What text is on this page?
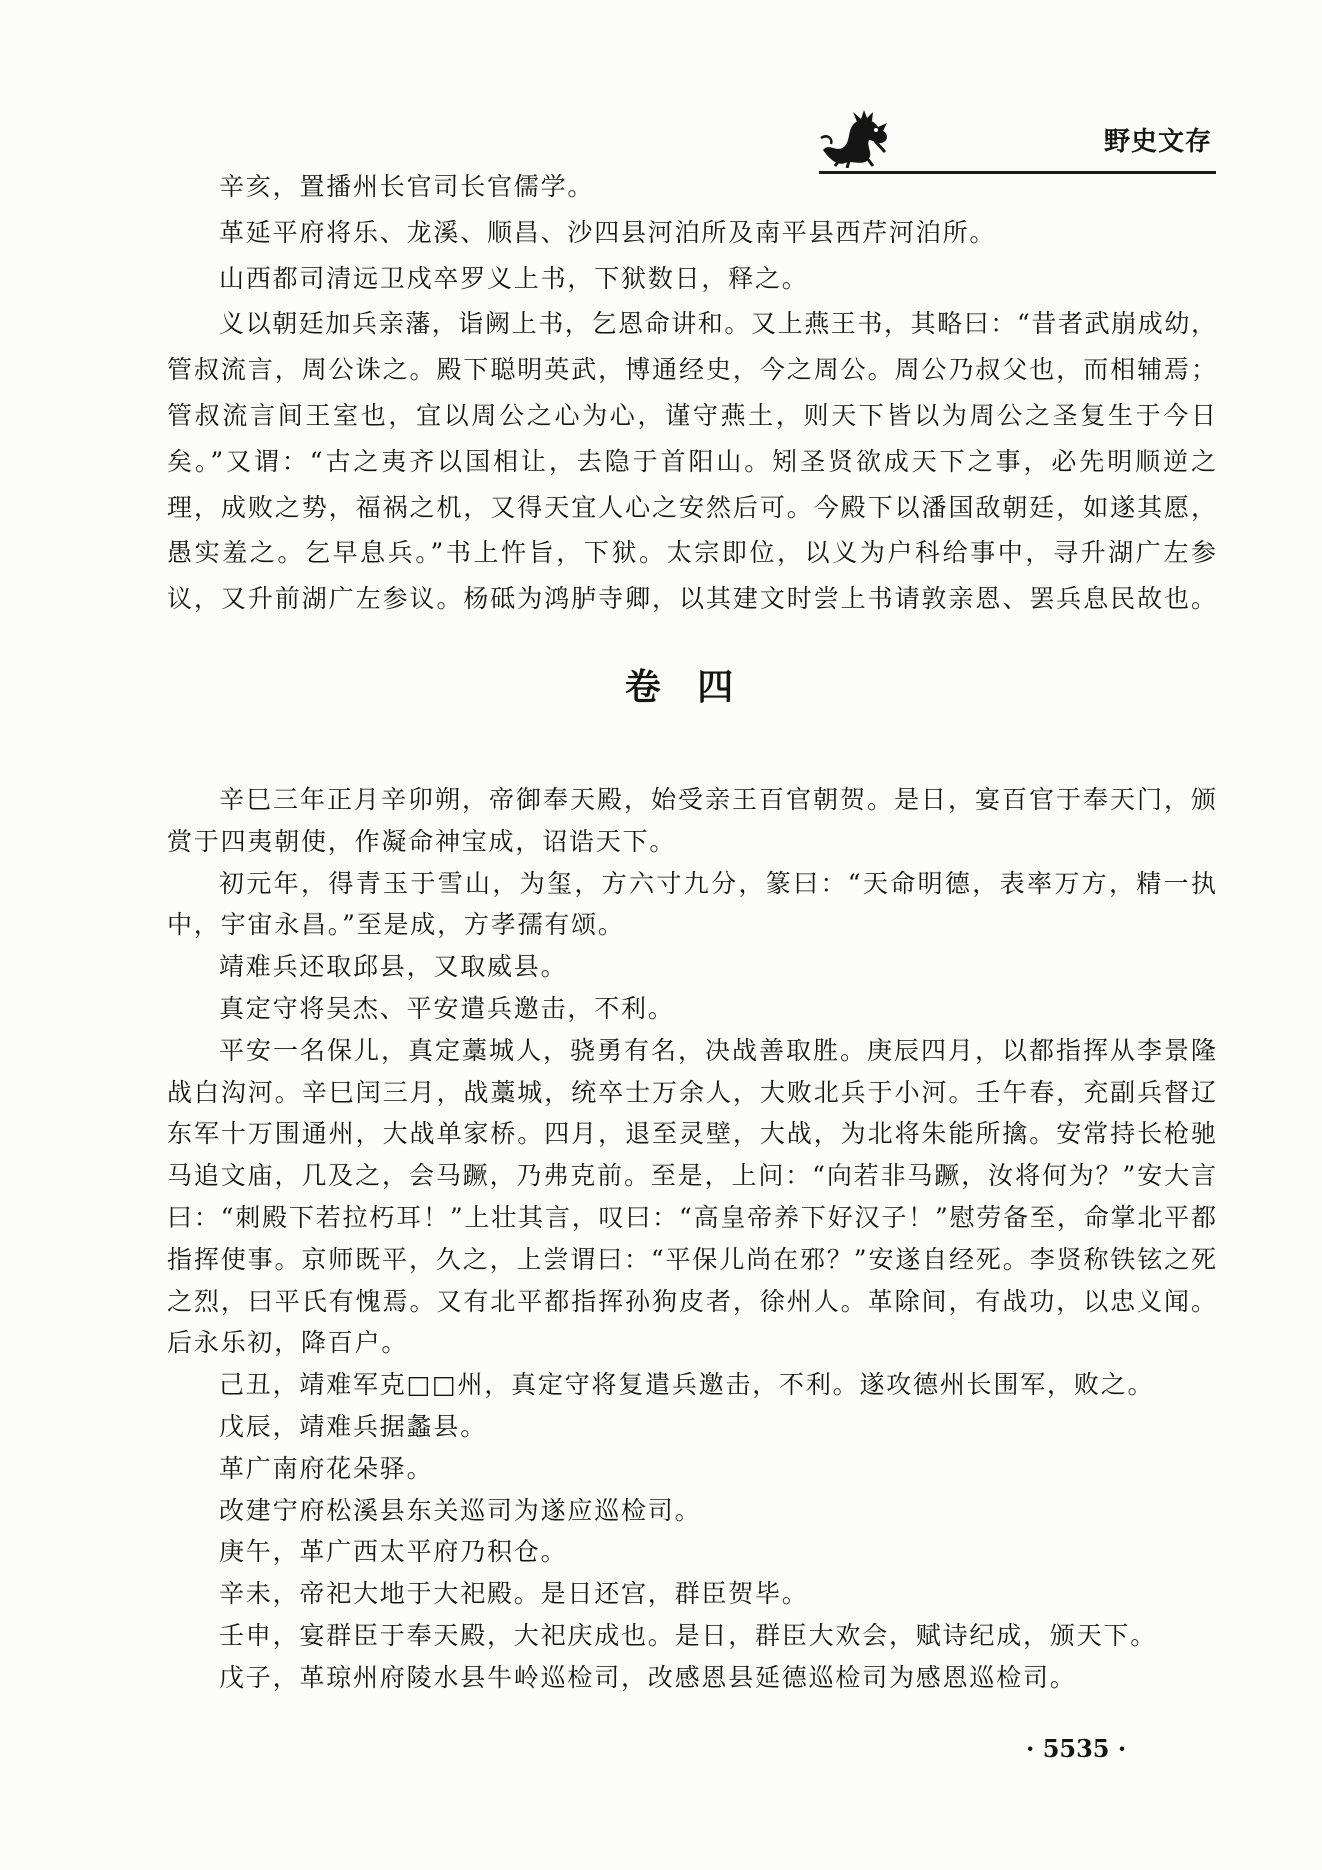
野史文存
辛亥，置播州长官司长官儒学。
革延平府将乐、龙溪、顺昌、沙四县河泊所及南平县西芹河泊所。
山西都司清远卫戍卒罗义上书，下狱数日，释之。
义以朝廷加兵亲藩，诣阙上书，乞恩命讲和。又上燕王书，其略曰：“昔者武崩成幼，
管叔流言，周公诛之。殿下聪明英武，博通经史，今之周公。周公乃叔父也，而相辅焉；
管叔流言间王室也，宜以周公之心为心，谨守燕土，则天下皆以为周公之圣复生于今日
矣。”又谓：“古之夷齐以国相让，去隐于首阳山。矧圣贤欲成天下之事，必先明顺逆之
理，成败之势，福祸之机，又得天宜人心之安然后可。今殿下以潘国敌朝廷，如遂其愿，
愚实羞之。乞早息兵。”书上忤旨，下狱。太宗即位，以义为户科给事中，寻升湖广左参
议，又升前湖广左参议。杨砥为鸿胪寺卿，以其建文时尝上书请敦亲恩、罢兵息民故也。
卷 四
辛巳三年正月辛卯朔，帝御奉天殿，始受亲王百官朝贺。是日，宴百官于奉天门，颁
赏于四夷朝使，作凝命神宝成，诏诰天下。
初元年，得青玉于雪山，为玺，方六寸九分，篆曰：“天命明德，表率万方，精一执
中，宇宙永昌。”至是成，方孝孺有颂。
靖难兵还取邱县，又取威县。
真定守将吴杰、平安遣兵邀击，不利。
平安一名保儿，真定藁城人，骁勇有名，决战善取胜。庚辰四月，以都指挥从李景隆
战白沟河。辛巳闰三月，战藁城，统卒士万余人，大败北兵于小河。壬午春，充副兵督辽
东军十万围通州，大战单家桥。四月，退至灵壁，大战，为北将朱能所擒。安常持长枪驰
马追文庙，几及之，会马蹶，乃弗克前。至是，上问：“向若非马蹶，汝将何为？”安大言
曰：“刺殿下若拉朽耳！”上壮其言，叹曰：“高皇帝养下好汉子！”慰劳备至，命掌北平都
指挥使事。京师既平，久之，上尝谓曰：“平保儿尚在邪？”安遂自经死。李贤称铁铉之死
之烈，曰平氏有愧焉。又有北平都指挥孙狗皮者，徐州人。革除间，有战功，以忠义闻。
后永乐初，降百户。
己丑，靖难军克□□州，真定守将复遣兵邀击，不利。遂攻德州长围军，败之。
戊辰，靖难兵据蠡县。
革广南府花朵驿。
改建宁府松溪县东关巡司为遂应巡检司。
庚午，革广西太平府乃积仓。
辛未，帝祀大地于大祀殿。是日还宫，群臣贺毕。
壬申，宴群臣于奉天殿，大祀庆成也。是日，群臣大欢会，赋诗纪成，颁天下。
戊子，革琼州府陵水县牛岭巡检司，改感恩县延德巡检司为感恩巡检司。
· 5535 ·
